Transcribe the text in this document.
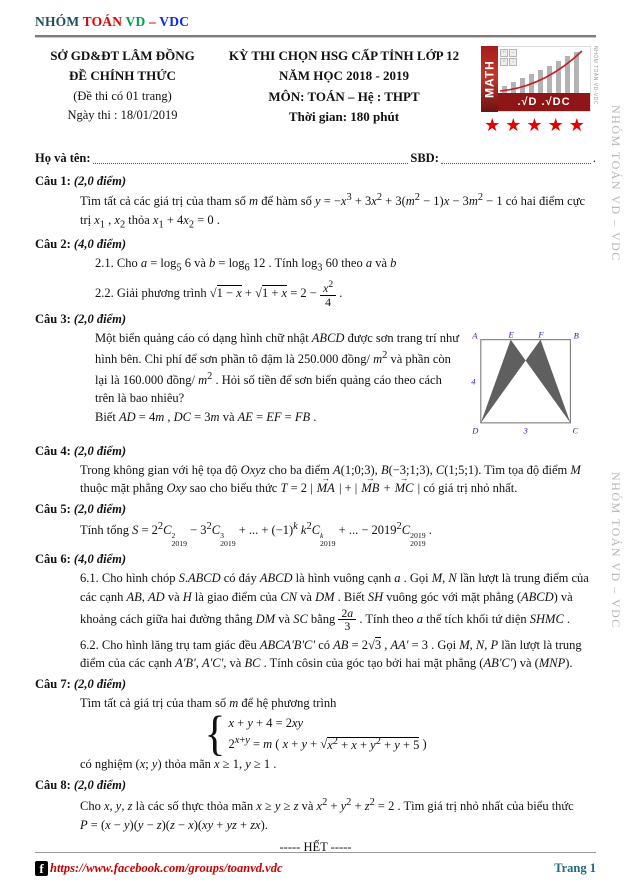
NHÓM TOÁN VD – VDC
SỞ GD&ĐT LÂM ĐỒNG
ĐỀ CHÍNH THỨC
(Đề thi có 01 trang)
Ngày thi : 18/01/2019
KỲ THI CHỌN HSG CẤP TỈNH LỚP 12
NĂM HỌC 2018 - 2019
MÔN: TOÁN – Hệ : THPT
Thời gian: 180 phút
MATH
+ −
× ÷
.√D .√DC	NHÓM TOÁN VD-VDC
★★★★★
Họ và tên:	SBD:	.
Câu 1: (2,0 điểm)
Tìm tất cả các giá trị của tham số m để hàm số $y = -x^3 + 3x^2 + 3(m^2 - 1)x - 3m^2 - 1$ có hai điểm cực trị $x_1$ , $x_2$ thỏa $x_1 + 4x_2 = 0$ .
Câu 2: (4,0 điểm)
2.1. Cho $a = \log_5 6$ và $b = \log_6 12$ . Tính $\log_3 60$ theo a và b
2.2. Giải phương trình $√1 - x + √1 + x = 2 - \frac{x^2}{4}$ .
Câu 3: (2,0 điểm)
Một biển quảng cáo có dạng hình chữ nhật ABCD được sơn trang trí như hình bên. Chi phí để sơn phần tô đậm là 250.000 đồng/ $m^2$ và phần còn lại là 160.000 đồng/ $m^2$ . Hỏi số tiền để sơn biển quảng cáo theo cách trên là bao nhiêu?
Biết AD = 4m , DC = 3m và AE = EF = FB .
A	E	F	B
4
D	3	C
Câu 4: (2,0 điểm)
Trong không gian với hệ tọa độ Oxyz cho ba điểm A(1;0;3), B(−3;1;3), C(1;5;1). Tìm tọa độ điểm M thuộc mặt phẳng Oxy sao cho biểu thức T = 2 | → MA | + | → MB + → MC | có giá trị nhỏ nhất.
Câu 5: (2,0 điểm)
Tính tổng $S = 2^2C$ 2
2019
− $3^2C$ 3
2019
+ ... + $(-1)^k$ $k^2C$ k
2019
+ ... − $2019^2C$ 2019
2019
.
Câu 6: (4,0 điểm)
6.1. Cho hình chóp S.ABCD có đáy ABCD là hình vuông cạnh a . Gọi M, N lần lượt là trung điểm của các cạnh AB, AD và H là giao điểm của CN và DM . Biết SH vuông góc với mặt phẳng (ABCD) và khoảng cách giữa hai đường thẳng DM và SC bằng $\frac{2a}{3}$ . Tính theo a thể tích khối tứ diện SHMC .
6.2. Cho hình lăng trụ tam giác đều ABCA'B'C' có AB = 2√3 , AA' = 3 . Gọi M, N, P lần lượt là trung điểm của các cạnh A'B', A'C', và BC . Tính côsin của góc tạo bởi hai mặt phẳng (AB'C') và (MNP).
Câu 7: (2,0 điểm)
Tìm tất cả giá trị của tham số m để hệ phương trình
{ x + y + 4 = 2xy
$2^{x+y} = m$ ( $x + y + √x^2 + x + y^2 + y + 5$ )
có nghiệm (x; y) thỏa mãn x ≥ 1, y ≥ 1 .
Câu 8: (2,0 điểm)
Cho x, y, z là các số thực thỏa mãn x ≥ y ≥ z và $x^2 + y^2 + z^2 = 2$ . Tìm giá trị nhỏ nhất của biểu thức
P = (x − y)(y − z)(z − x)(xy + yz + zx).
----- HẾT -----
f https://www.facebook.com/groups/toanvd.vdc	Trang 1
NHÓM TOÁN VD – VDC
NHÓM TOÁN VD – VDC
